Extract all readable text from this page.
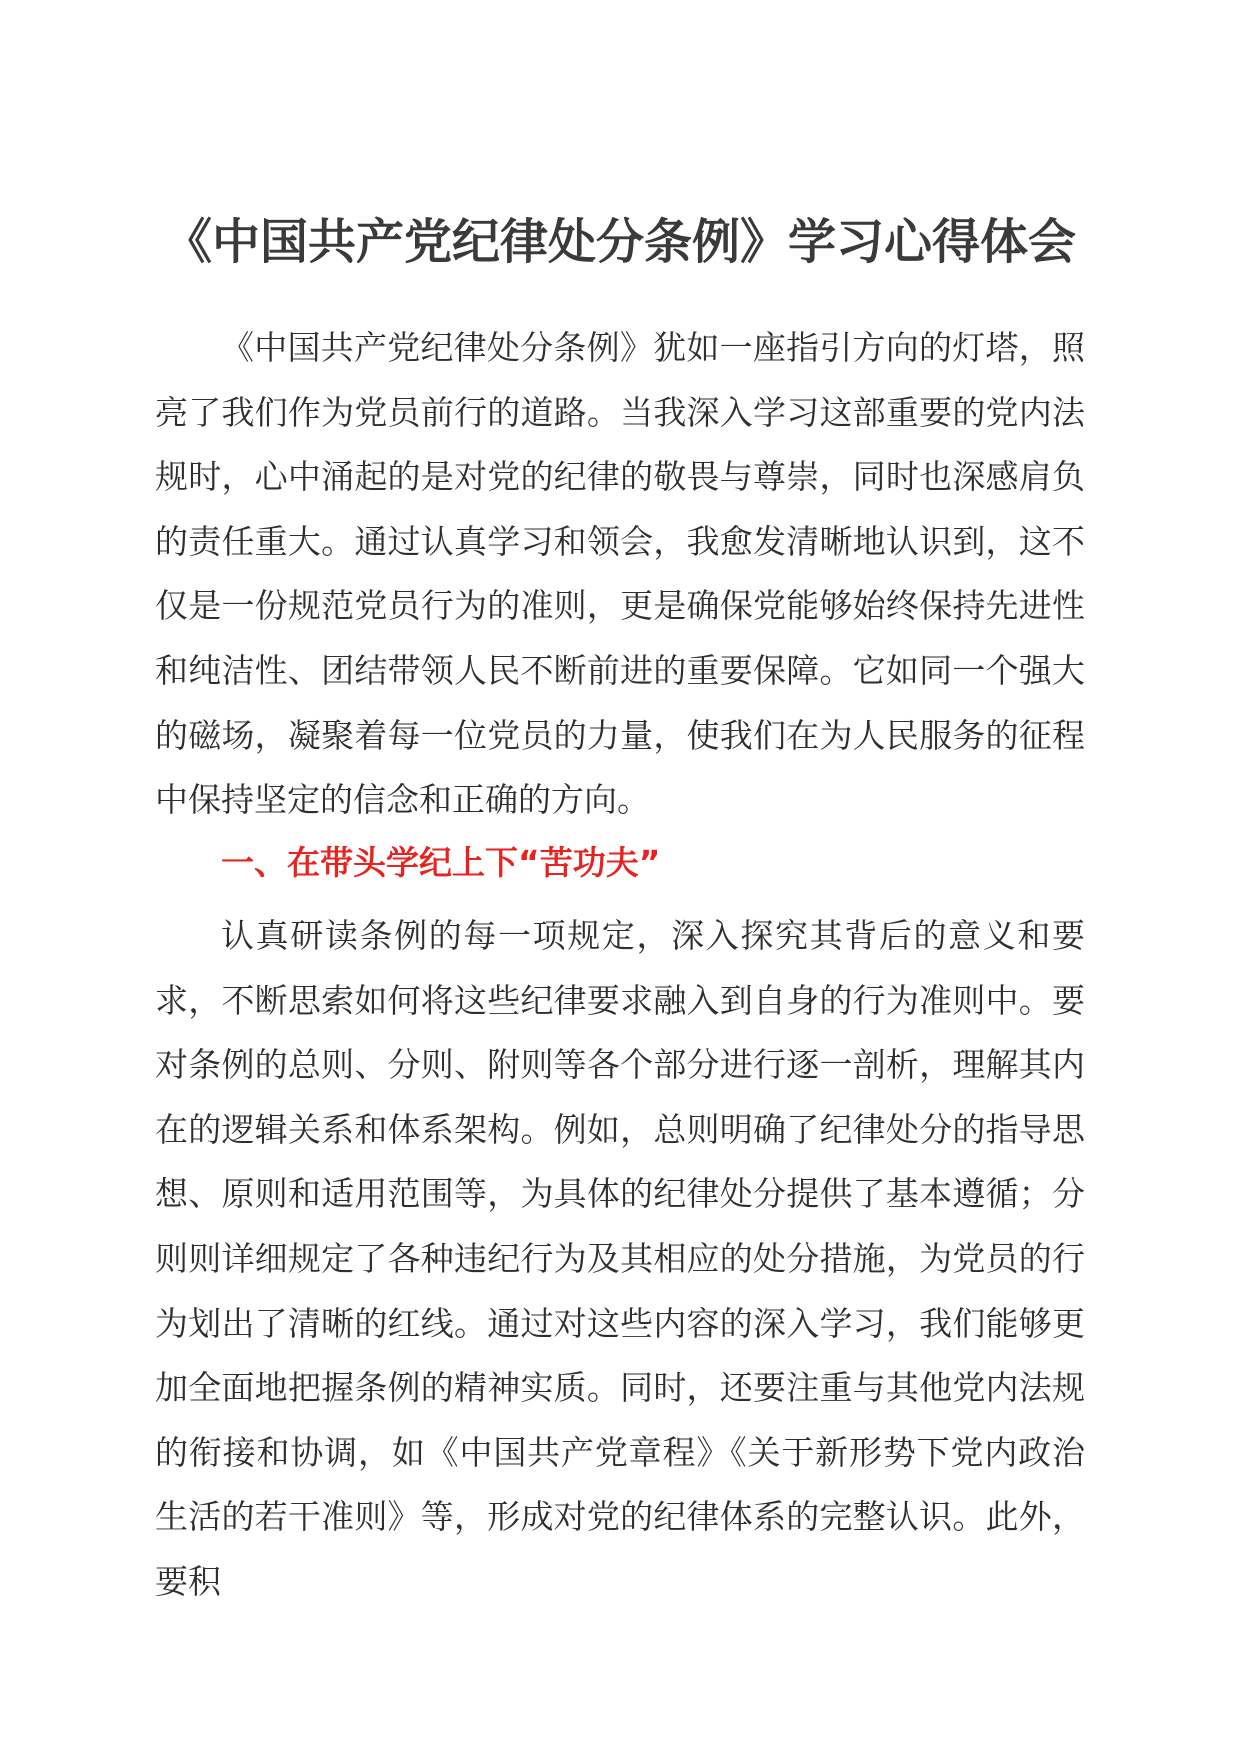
《中国共产党纪律处分条例》学习心得体会

《中国共产党纪律处分条例》犹如一座指引方向的灯塔，照亮了我们作为党员前行的道路。当我深入学习这部重要的党内法规时，心中涌起的是对党的纪律的敬畏与尊崇，同时也深感肩负的责任重大。通过认真学习和领会，我愈发清晰地认识到，这不仅是一份规范党员行为的准则，更是确保党能够始终保持先进性和纯洁性、团结带领人民不断前进的重要保障。它如同一个强大的磁场，凝聚着每一位党员的力量，使我们在为人民服务的征程中保持坚定的信念和正确的方向。

一、在带头学纪上下“苦功夫”

认真研读条例的每一项规定，深入探究其背后的意义和要求，不断思索如何将这些纪律要求融入到自身的行为准则中。要对条例的总则、分则、附则等各个部分进行逐一剖析，理解其内在的逻辑关系和体系架构。例如，总则明确了纪律处分的指导思想、原则和适用范围等，为具体的纪律处分提供了基本遵循；分则则详细规定了各种违纪行为及其相应的处分措施，为党员的行为划出了清晰的红线。通过对这些内容的深入学习，我们能够更加全面地把握条例的精神实质。同时，还要注重与其他党内法规的衔接和协调，如《中国共产党章程》《关于新形势下党内政治生活的若干准则》等，形成对党的纪律体系的完整认识。此外，要积
